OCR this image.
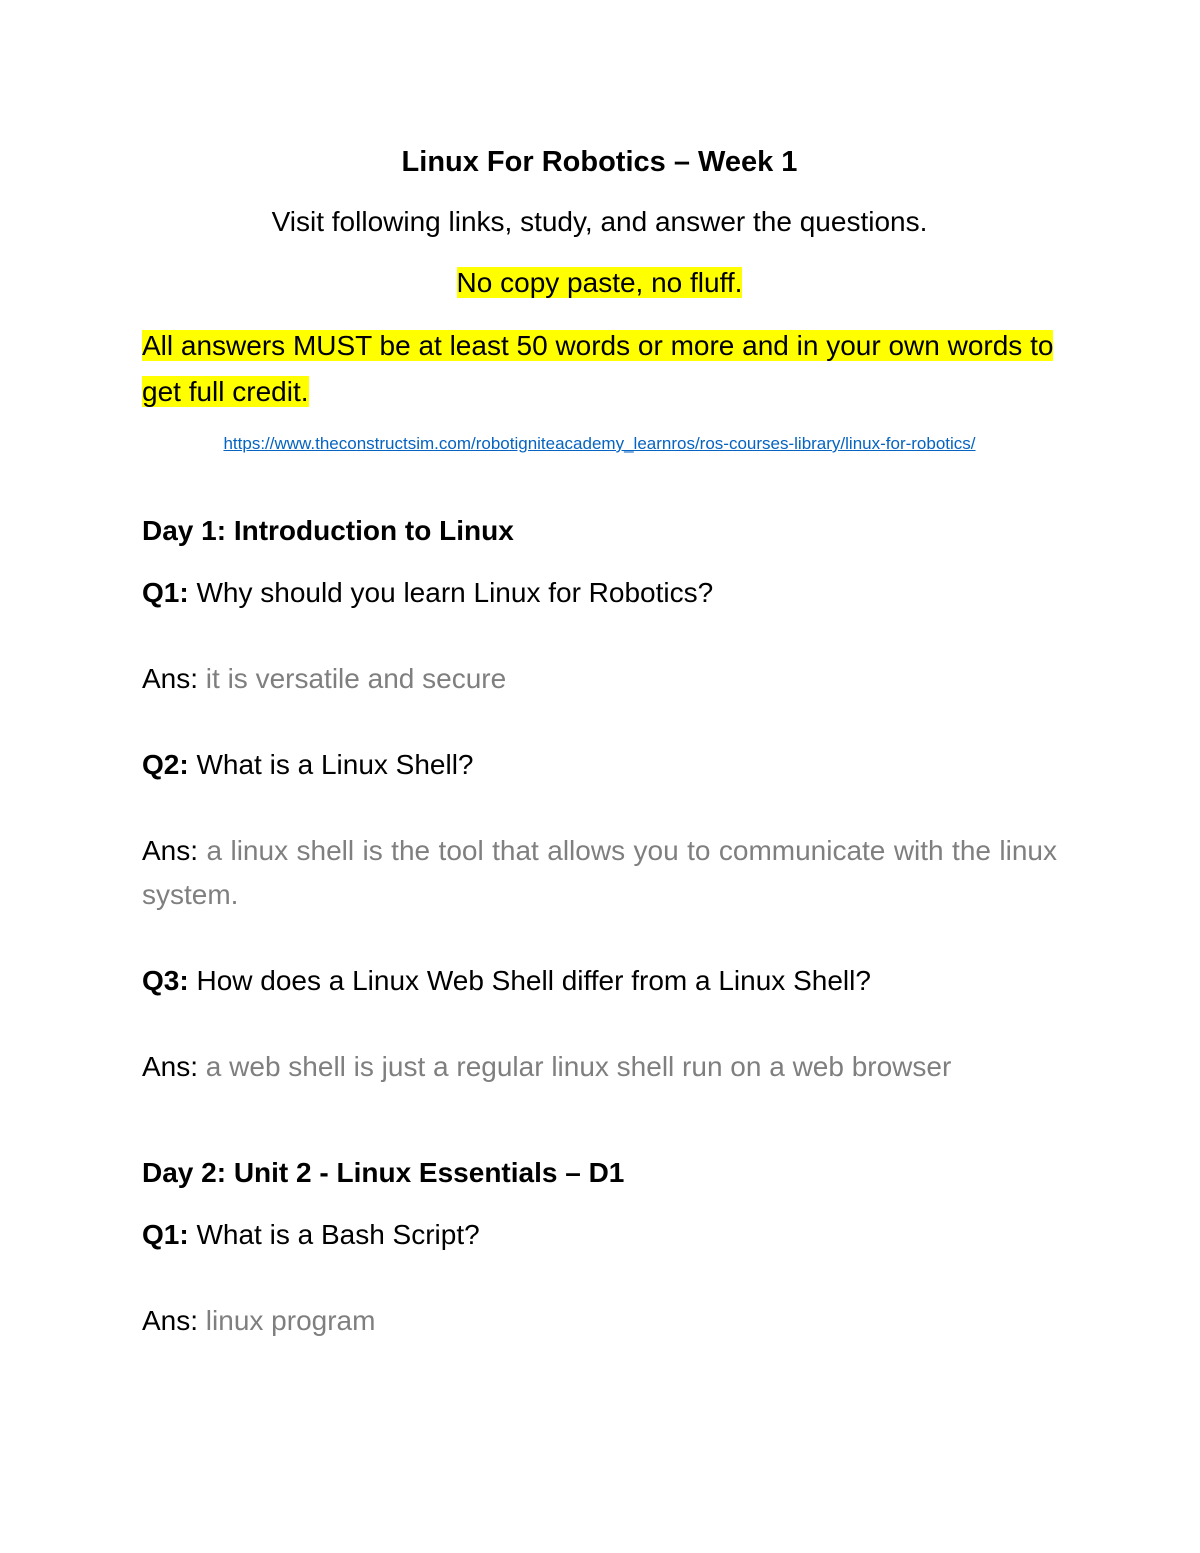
Linux For Robotics – Week 1
Visit following links, study, and answer the questions.
No copy paste, no fluff.
All answers MUST be at least 50 words or more and in your own words to get full credit.
https://www.theconstructsim.com/robotigniteacademy_learnros/ros-courses-library/linux-for-robotics/
Day 1: Introduction to Linux
Q1: Why should you learn Linux for Robotics?
Ans: it is versatile and secure
Q2: What is a Linux Shell?
Ans: a linux shell is the tool that allows you to communicate with the linux system.
Q3: How does a Linux Web Shell differ from a Linux Shell?
Ans: a web shell is just a regular linux shell run on a web browser
Day 2: Unit 2 - Linux Essentials – D1
Q1: What is a Bash Script?
Ans: linux program
